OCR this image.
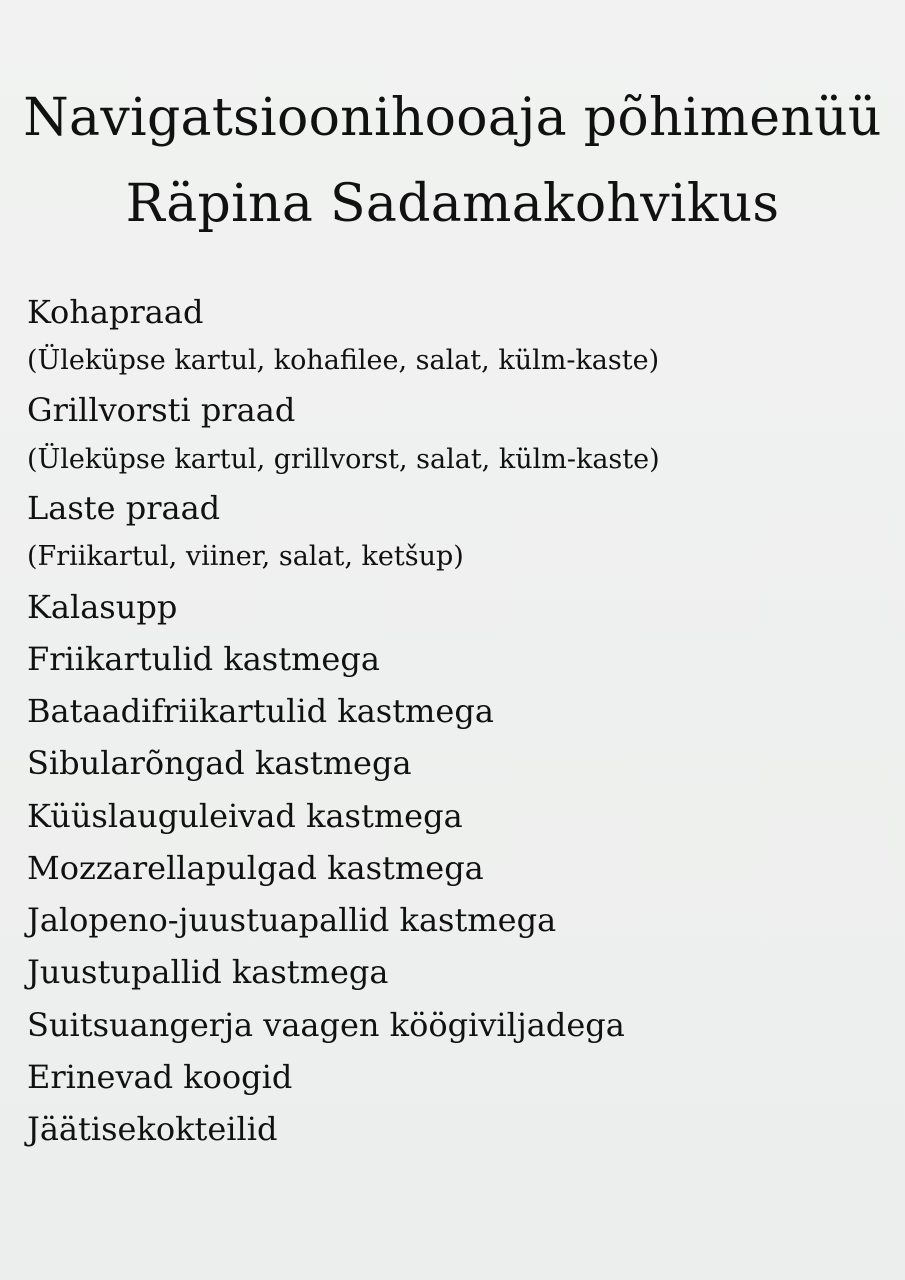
Navigatsioonihooaja põhimenüü
Räpina Sadamakohvikus
Kohapraad
(Üleküpse kartul, kohafilee, salat, külm-kaste)
Grillvorsti praad
(Üleküpse kartul, grillvorst, salat, külm-kaste)
Laste praad
(Friikartul, viiner, salat, ketšup)
Kalasupp
Friikartulid kastmega
Bataadifriikartulid kastmega
Sibularõngad kastmega
Küüslauguleivad kastmega
Mozzarellapulgad kastmega
Jalopeno-juustuapallid kastmega
Juustupallid kastmega
Suitsuangerja vaagen köögiviljadega
Erinevad koogid
Jäätisekokteilid
